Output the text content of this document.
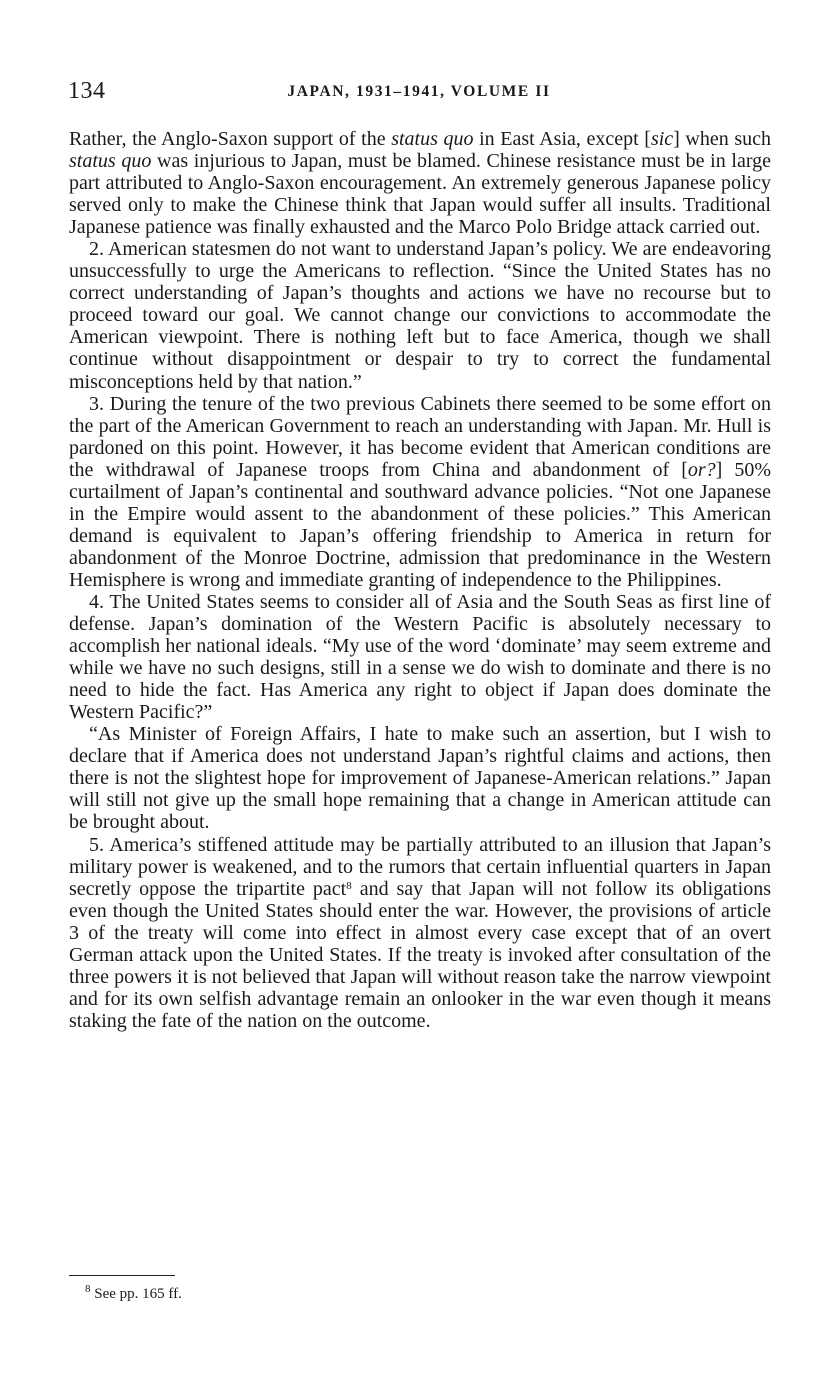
134	JAPAN, 1931–1941, VOLUME II

Rather, the Anglo-Saxon support of the status quo in East Asia, except [sic] when such status quo was injurious to Japan, must be blamed. Chinese resistance must be in large part attributed to Anglo-Saxon encouragement. An extremely generous Japanese policy served only to make the Chinese think that Japan would suffer all insults. Traditional Japanese patience was finally exhausted and the Marco Polo Bridge attack carried out.

2. American statesmen do not want to understand Japan’s policy. We are endeavoring unsuccessfully to urge the Americans to reflection. “Since the United States has no correct understanding of Japan’s thoughts and actions we have no recourse but to proceed toward our goal. We cannot change our convictions to accommodate the American viewpoint. There is nothing left but to face America, though we shall continue without disappointment or despair to try to correct the fundamental misconceptions held by that nation.”

3. During the tenure of the two previous Cabinets there seemed to be some effort on the part of the American Government to reach an understanding with Japan. Mr. Hull is pardoned on this point. However, it has become evident that American conditions are the withdrawal of Japanese troops from China and abandonment of [or?] 50% curtailment of Japan’s continental and southward advance policies. “Not one Japanese in the Empire would assent to the abandonment of these policies.” This American demand is equivalent to Japan’s offering friendship to America in return for abandonment of the Monroe Doctrine, admission that predominance in the Western Hemisphere is wrong and immediate granting of independence to the Philippines.

4. The United States seems to consider all of Asia and the South Seas as first line of defense. Japan’s domination of the Western Pacific is absolutely necessary to accomplish her national ideals. “My use of the word ‘dominate’ may seem extreme and while we have no such designs, still in a sense we do wish to dominate and there is no need to hide the fact. Has America any right to object if Japan does dominate the Western Pacific?”

“As Minister of Foreign Affairs, I hate to make such an assertion, but I wish to declare that if America does not understand Japan’s rightful claims and actions, then there is not the slightest hope for improvement of Japanese-American relations.” Japan will still not give up the small hope remaining that a change in American attitude can be brought about.

5. America’s stiffened attitude may be partially attributed to an illusion that Japan’s military power is weakened, and to the rumors that certain influential quarters in Japan secretly oppose the tripartite pact$^8$ and say that Japan will not follow its obligations even though the United States should enter the war. However, the provisions of article 3 of the treaty will come into effect in almost every case except that of an overt German attack upon the United States. If the treaty is invoked after consultation of the three powers it is not believed that Japan will without reason take the narrow viewpoint and for its own selfish advantage remain an onlooker in the war even though it means staking the fate of the nation on the outcome.

$^8$ See pp. 165 ff.
